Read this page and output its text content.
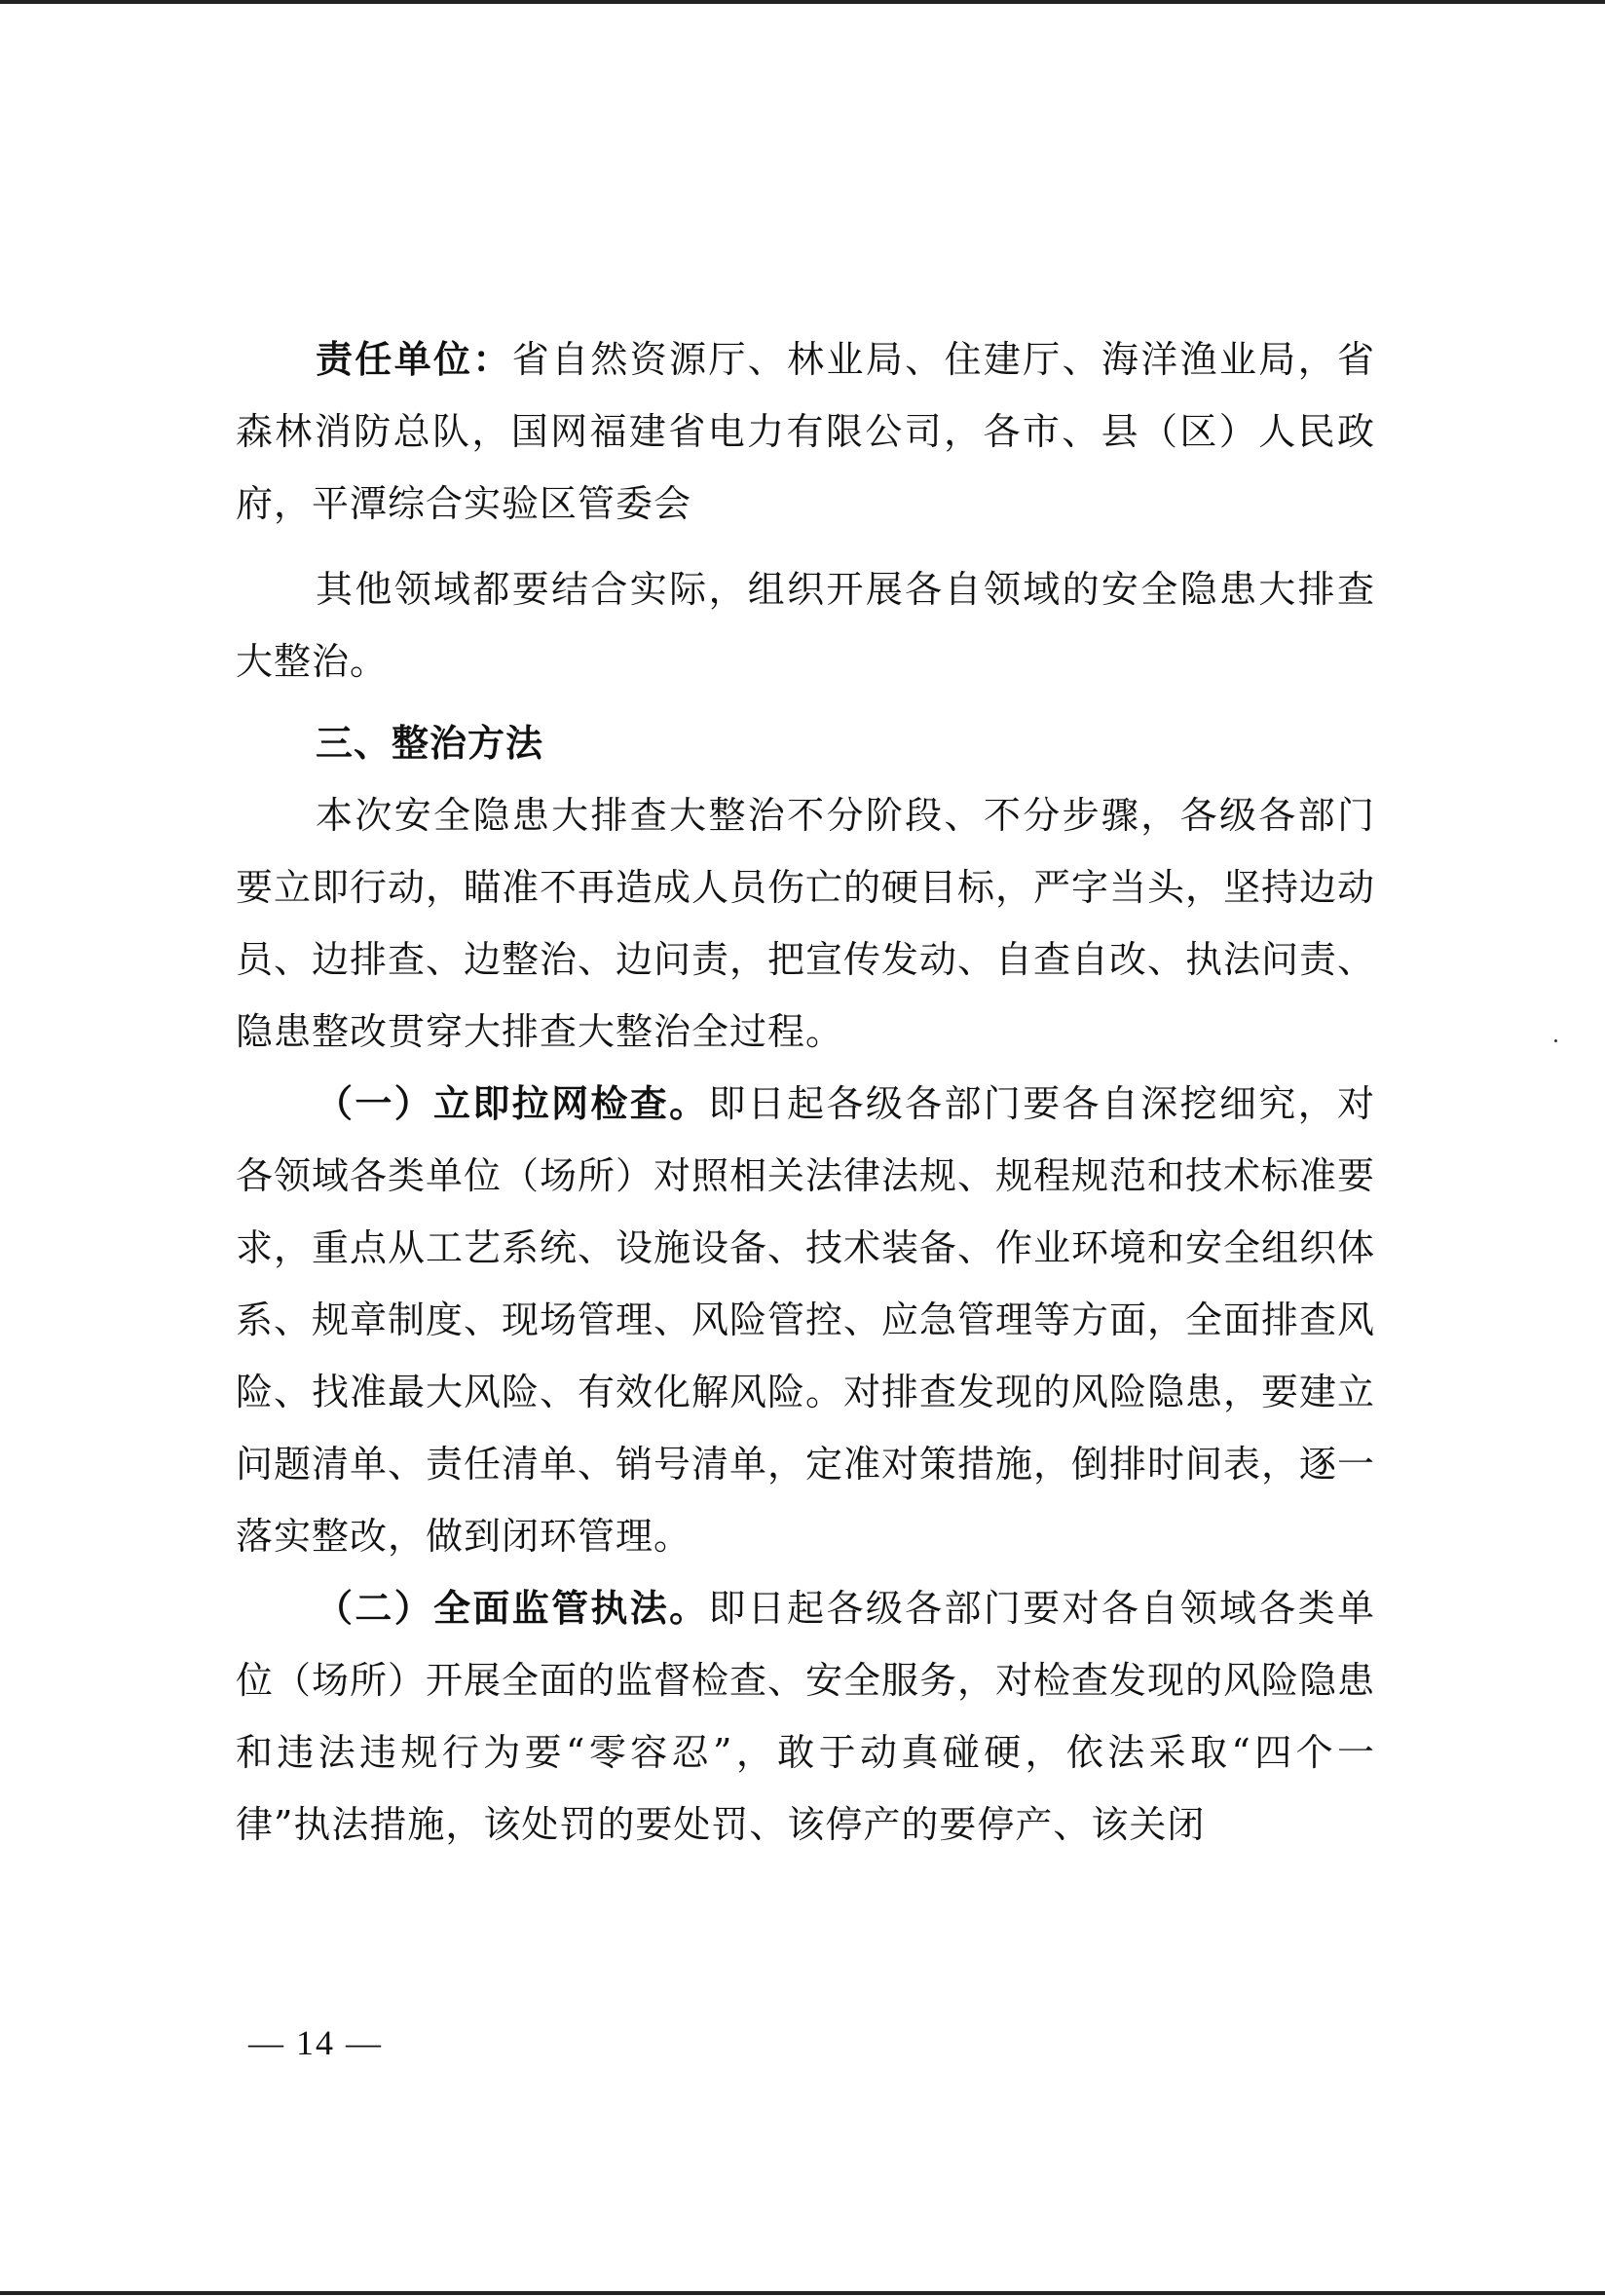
责任单位：省自然资源厅、林业局、住建厅、海洋渔业局，省森林消防总队，国网福建省电力有限公司，各市、县（区）人民政府，平潭综合实验区管委会

其他领域都要结合实际，组织开展各自领域的安全隐患大排查大整治。

三、整治方法

本次安全隐患大排查大整治不分阶段、不分步骤，各级各部门要立即行动，瞄准不再造成人员伤亡的硬目标，严字当头，坚持边动员、边排查、边整治、边问责，把宣传发动、自查自改、执法问责、隐患整改贯穿大排查大整治全过程。

（一）立即拉网检查。即日起各级各部门要各自深挖细究，对各领域各类单位（场所）对照相关法律法规、规程规范和技术标准要求，重点从工艺系统、设施设备、技术装备、作业环境和安全组织体系、规章制度、现场管理、风险管控、应急管理等方面，全面排查风险、找准最大风险、有效化解风险。对排查发现的风险隐患，要建立问题清单、责任清单、销号清单，定准对策措施，倒排时间表，逐一落实整改，做到闭环管理。

（二）全面监管执法。即日起各级各部门要对各自领域各类单位（场所）开展全面的监督检查、安全服务，对检查发现的风险隐患和违法违规行为要“零容忍”，敢于动真碰硬，依法采取“四个一律”执法措施，该处罚的要处罚、该停产的要停产、该关闭

— 14 —
